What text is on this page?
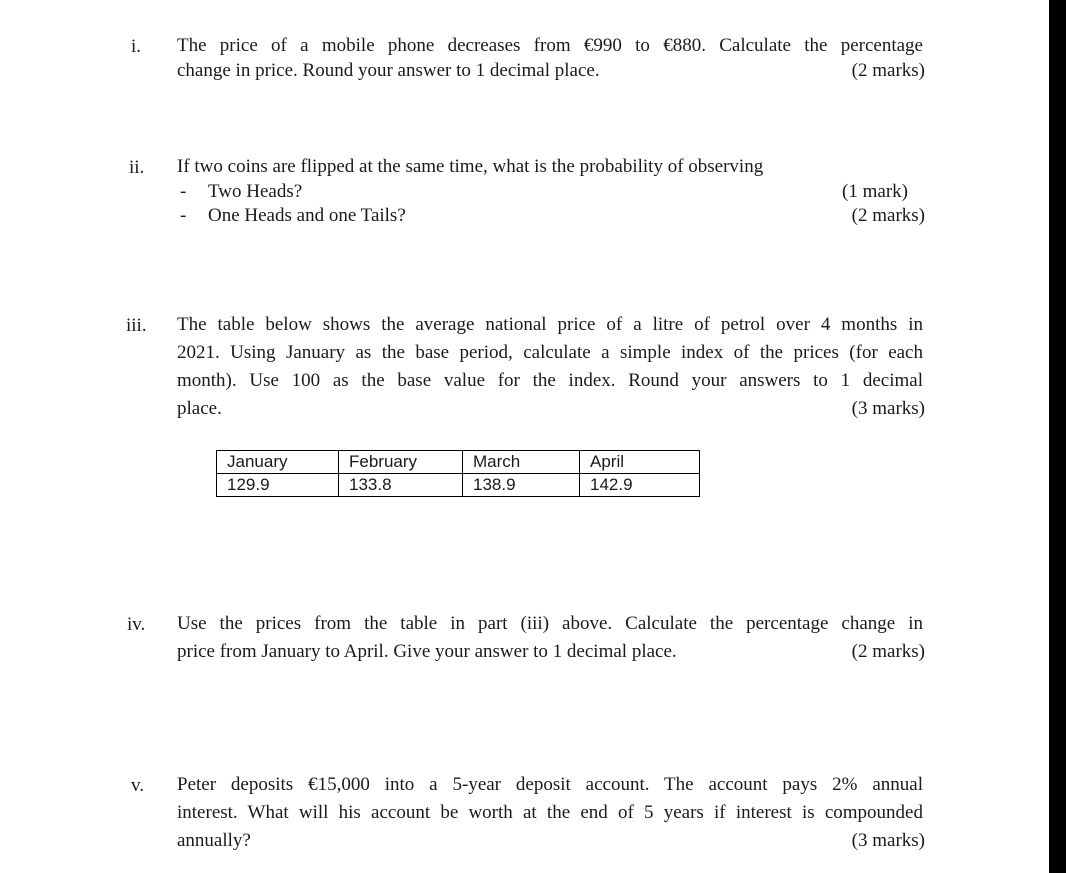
i. The price of a mobile phone decreases from €990 to €880. Calculate the percentage
change in price. Round your answer to 1 decimal place.	(2 marks)
ii. If two coins are flipped at the same time, what is the probability of observing
- Two Heads?	(1 mark)
- One Heads and one Tails?	(2 marks)
iii. The table below shows the average national price of a litre of petrol over 4 months in
2021. Using January as the base period, calculate a simple index of the prices (for each
month). Use 100 as the base value for the index. Round your answers to 1 decimal
place.	(3 marks)
January	February	March	April
129.9	133.8	138.9	142.9
iv. Use the prices from the table in part (iii) above. Calculate the percentage change in
price from January to April. Give your answer to 1 decimal place.	(2 marks)
v. Peter deposits €15,000 into a 5-year deposit account. The account pays 2% annual
interest. What will his account be worth at the end of 5 years if interest is compounded
annually?	(3 marks)
